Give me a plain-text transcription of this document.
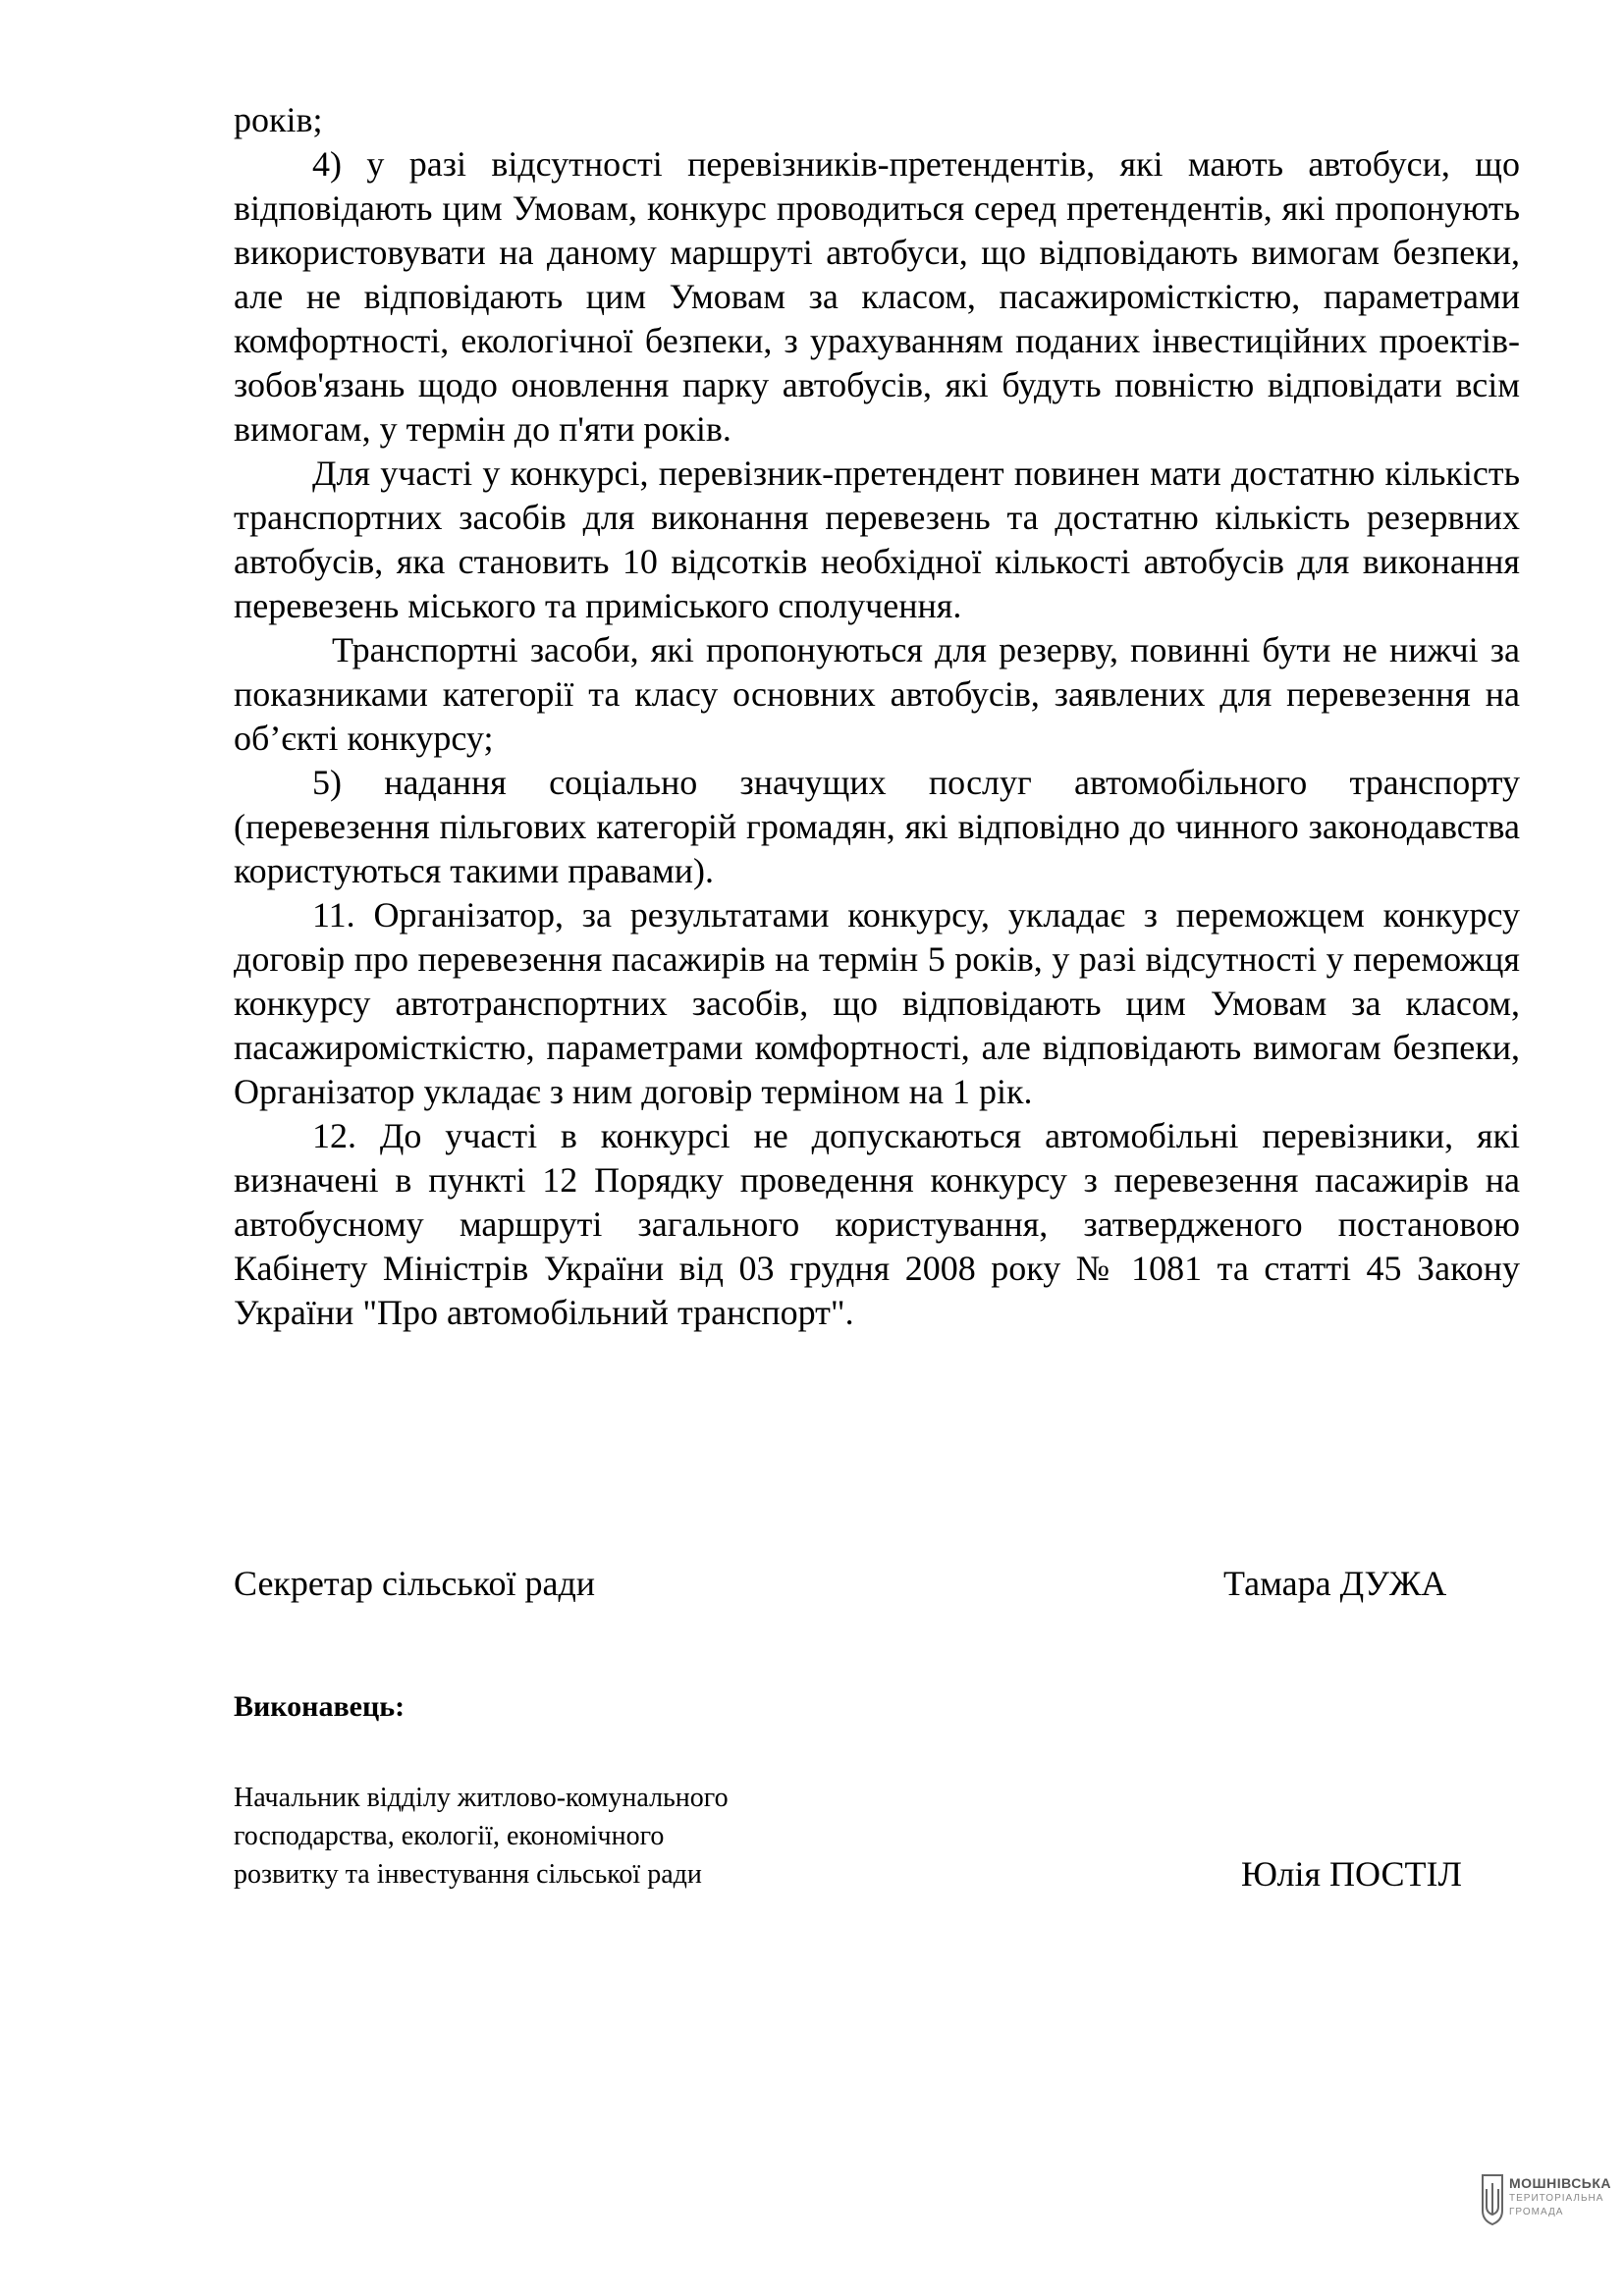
років;

4) у разі відсутності перевізників-претендентів, які мають автобуси, що відповідають цим Умовам, конкурс проводиться серед претендентів, які пропонують використовувати на даному маршруті автобуси, що відповідають вимогам безпеки, але не відповідають цим Умовам за класом, пасажиромісткістю, параметрами комфортності, екологічної безпеки, з урахуванням поданих інвестиційних проектів-зобов'язань щодо оновлення парку автобусів, які будуть повністю відповідати всім вимогам, у термін до п'яти років.

Для участі у конкурсі, перевізник-претендент повинен мати достатню кількість транспортних засобів для виконання перевезень та достатню кількість резервних автобусів, яка становить 10 відсотків необхідної кількості автобусів для виконання перевезень міського та приміського сполучення.

Транспортні засоби, які пропонуються для резерву, повинні бути не нижчі за показниками категорії та класу основних автобусів, заявлених для перевезення на об’єкті конкурсу;

5) надання соціально значущих послуг автомобільного транспорту (перевезення пільгових категорій громадян, які відповідно до чинного законодавства користуються такими правами).

11. Організатор, за результатами конкурсу, укладає з переможцем конкурсу договір про перевезення пасажирів на термін 5 років, у разі відсутності у переможця конкурсу автотранспортних засобів, що відповідають цим Умовам за класом, пасажиромісткістю, параметрами комфортності, але відповідають вимогам безпеки, Організатор укладає з ним договір терміном на 1 рік.

12. До участі в конкурсі не допускаються автомобільні перевізники, які визначені в пункті 12 Порядку проведення конкурсу з перевезення пасажирів на автобусному маршруті загального користування, затвердженого постановою Кабінету Міністрів України від 03 грудня 2008 року № 1081 та статті 45 Закону України "Про автомобільний транспорт".

Секретар сільської ради	Тамара ДУЖА
Виконавець:
Начальник відділу житлово-комунального
господарства, екології, економічного
розвитку та інвестування сільської ради	Юлія ПОСТІЛ
МОШНІВСЬКА
ТЕРИТОРІАЛЬНА
ГРОМАДА
